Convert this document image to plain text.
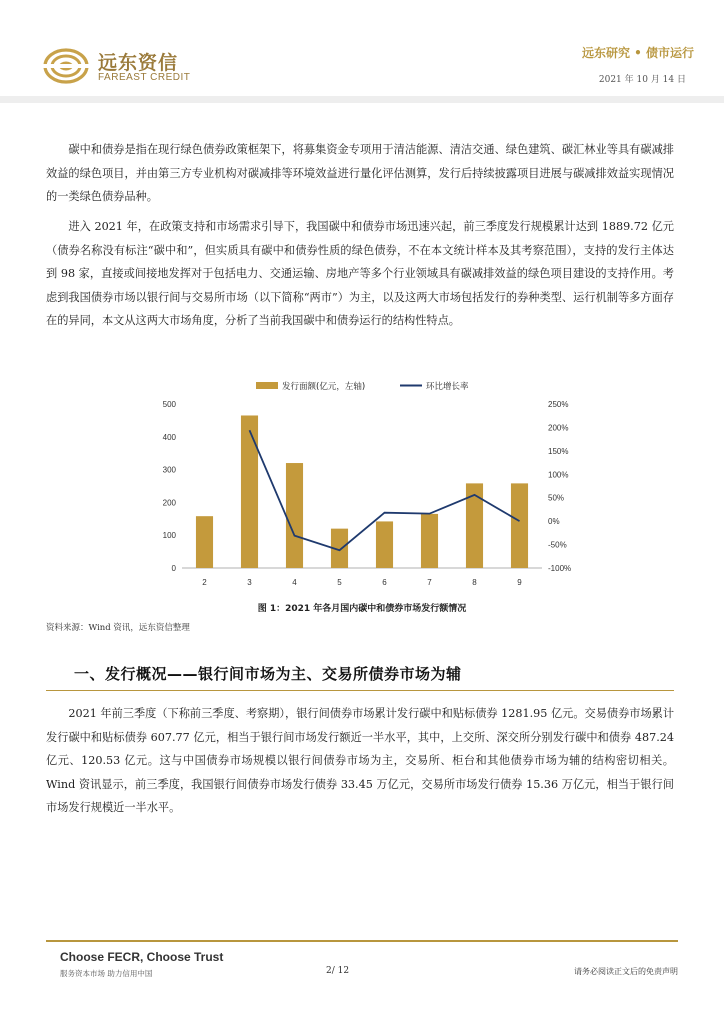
远东资信
FAREAST CREDIT
远东研究 • 债市运行
2021 年 10 月 14 日

碳中和债券是指在现行绿色债券政策框架下，将募集资金专项用于清洁能源、清洁交通、绿色建筑、碳汇林业等具有碳减排效益的绿色项目，并由第三方专业机构对碳减排等环境效益进行量化评估测算，发行后持续披露项目进展与碳减排效益实现情况的一类绿色债券品种。

进入 2021 年，在政策支持和市场需求引导下，我国碳中和债券市场迅速兴起，前三季度发行规模累计达到 1889.72 亿元（债券名称没有标注“碳中和”，但实质具有碳中和债券性质的绿色债券，不在本文统计样本及其考察范围），支持的发行主体达到 98 家，直接或间接地发挥对于包括电力、交通运输、房地产等多个行业领域具有碳减排效益的绿色项目建设的支持作用。考虑到我国债券市场以银行间与交易所市场（以下简称“两市”）为主，以及这两大市场包括发行的券种类型、运行机制等多方面存在的异同，本文从这两大市场角度，分析了当前我国碳中和债券运行的结构性特点。

0
100
200
300
400
500
-100%
-50%
0%
50%
100%
150%
200%
250%
2	3	4	5	6	7	8	9
发行面额(亿元，左轴)	环比增长率
图 1：2021 年各月国内碳中和债券市场发行额情况
资料来源：Wind 资讯，远东资信整理
一、发行概况——银行间市场为主、交易所债券市场为辅

2021 年前三季度（下称前三季度、考察期），银行间债券市场累计发行碳中和贴标债券 1281.95 亿元。交易债券市场累计发行碳中和贴标债券 607.77 亿元，相当于银行间市场发行额近一半水平，其中，上交所、深交所分别发行碳中和债券 487.24 亿元、120.53 亿元。这与中国债券市场规模以银行间债券市场为主，交易所、柜台和其他债券市场为辅的结构密切相关。Wind 资讯显示，前三季度，我国银行间债券市场发行债券 33.45 万亿元，交易所市场发行债券 15.36 万亿元，相当于银行间市场发行规模近一半水平。

Choose FECR, Choose Trust
服务资本市场 助力信用中国	2/ 12	请务必阅读正文后的免责声明
